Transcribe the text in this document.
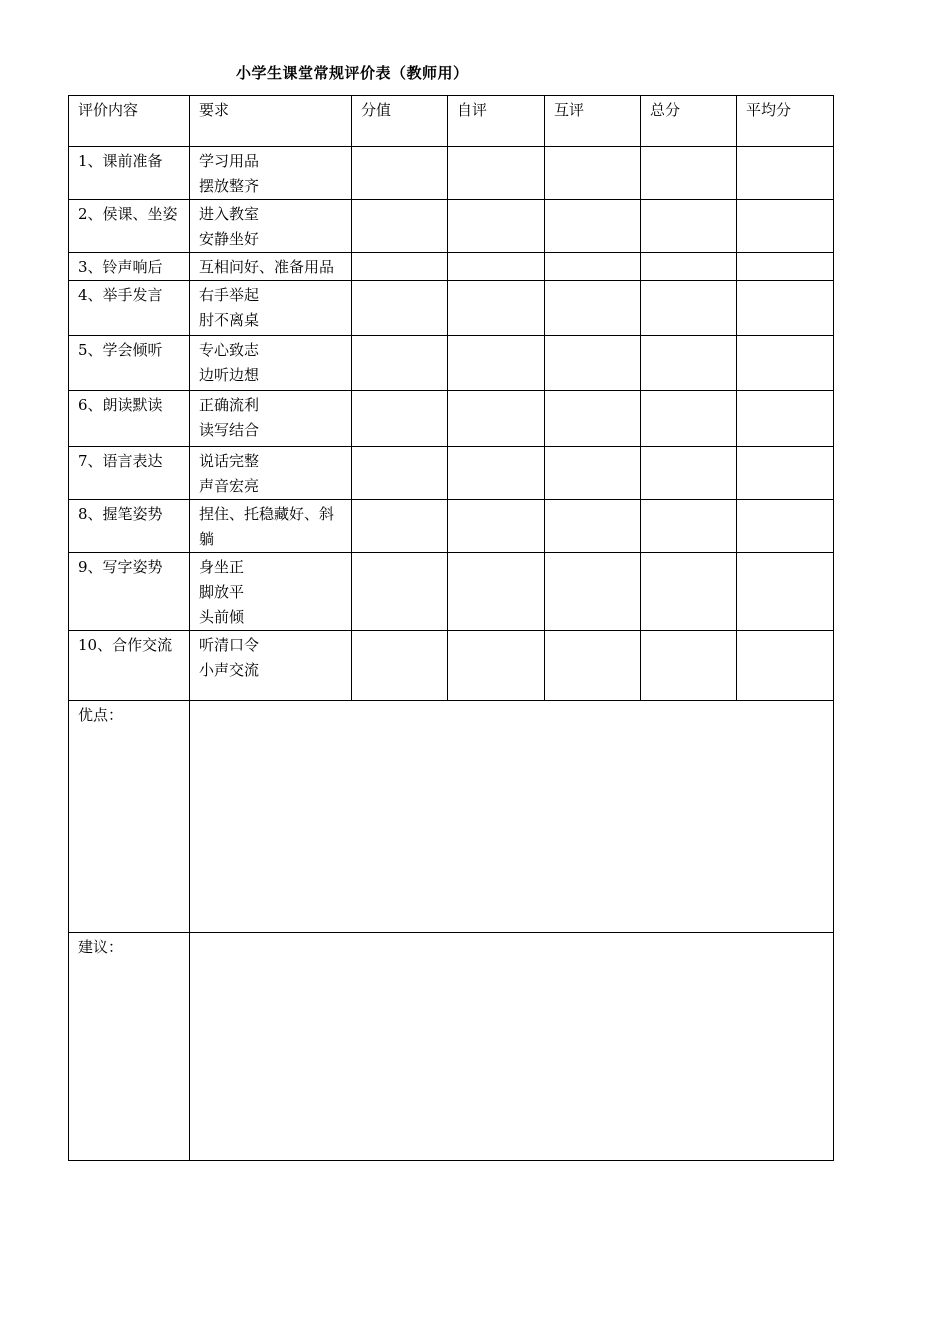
小学生课堂常规评价表（教师用）
评价内容	要求	分值	自评	互评	总分	平均分
1、课前准备	学习用品
摆放整齐					

2、侯课、坐姿	进入教室
安静坐好					

3、铃声响后	互相问好、准备用品					

4、举手发言	右手举起
肘不离桌					

5、学会倾听	专心致志
边听边想					

6、朗读默读	正确流利
读写结合					

7、语言表达	说话完整
声音宏亮					

8、握笔姿势	捏住、托稳藏好、斜
躺					

9、写字姿势	身坐正
脚放平
头前倾					

10、合作交流	听清口令
小声交流					

优点：						
建议：						
